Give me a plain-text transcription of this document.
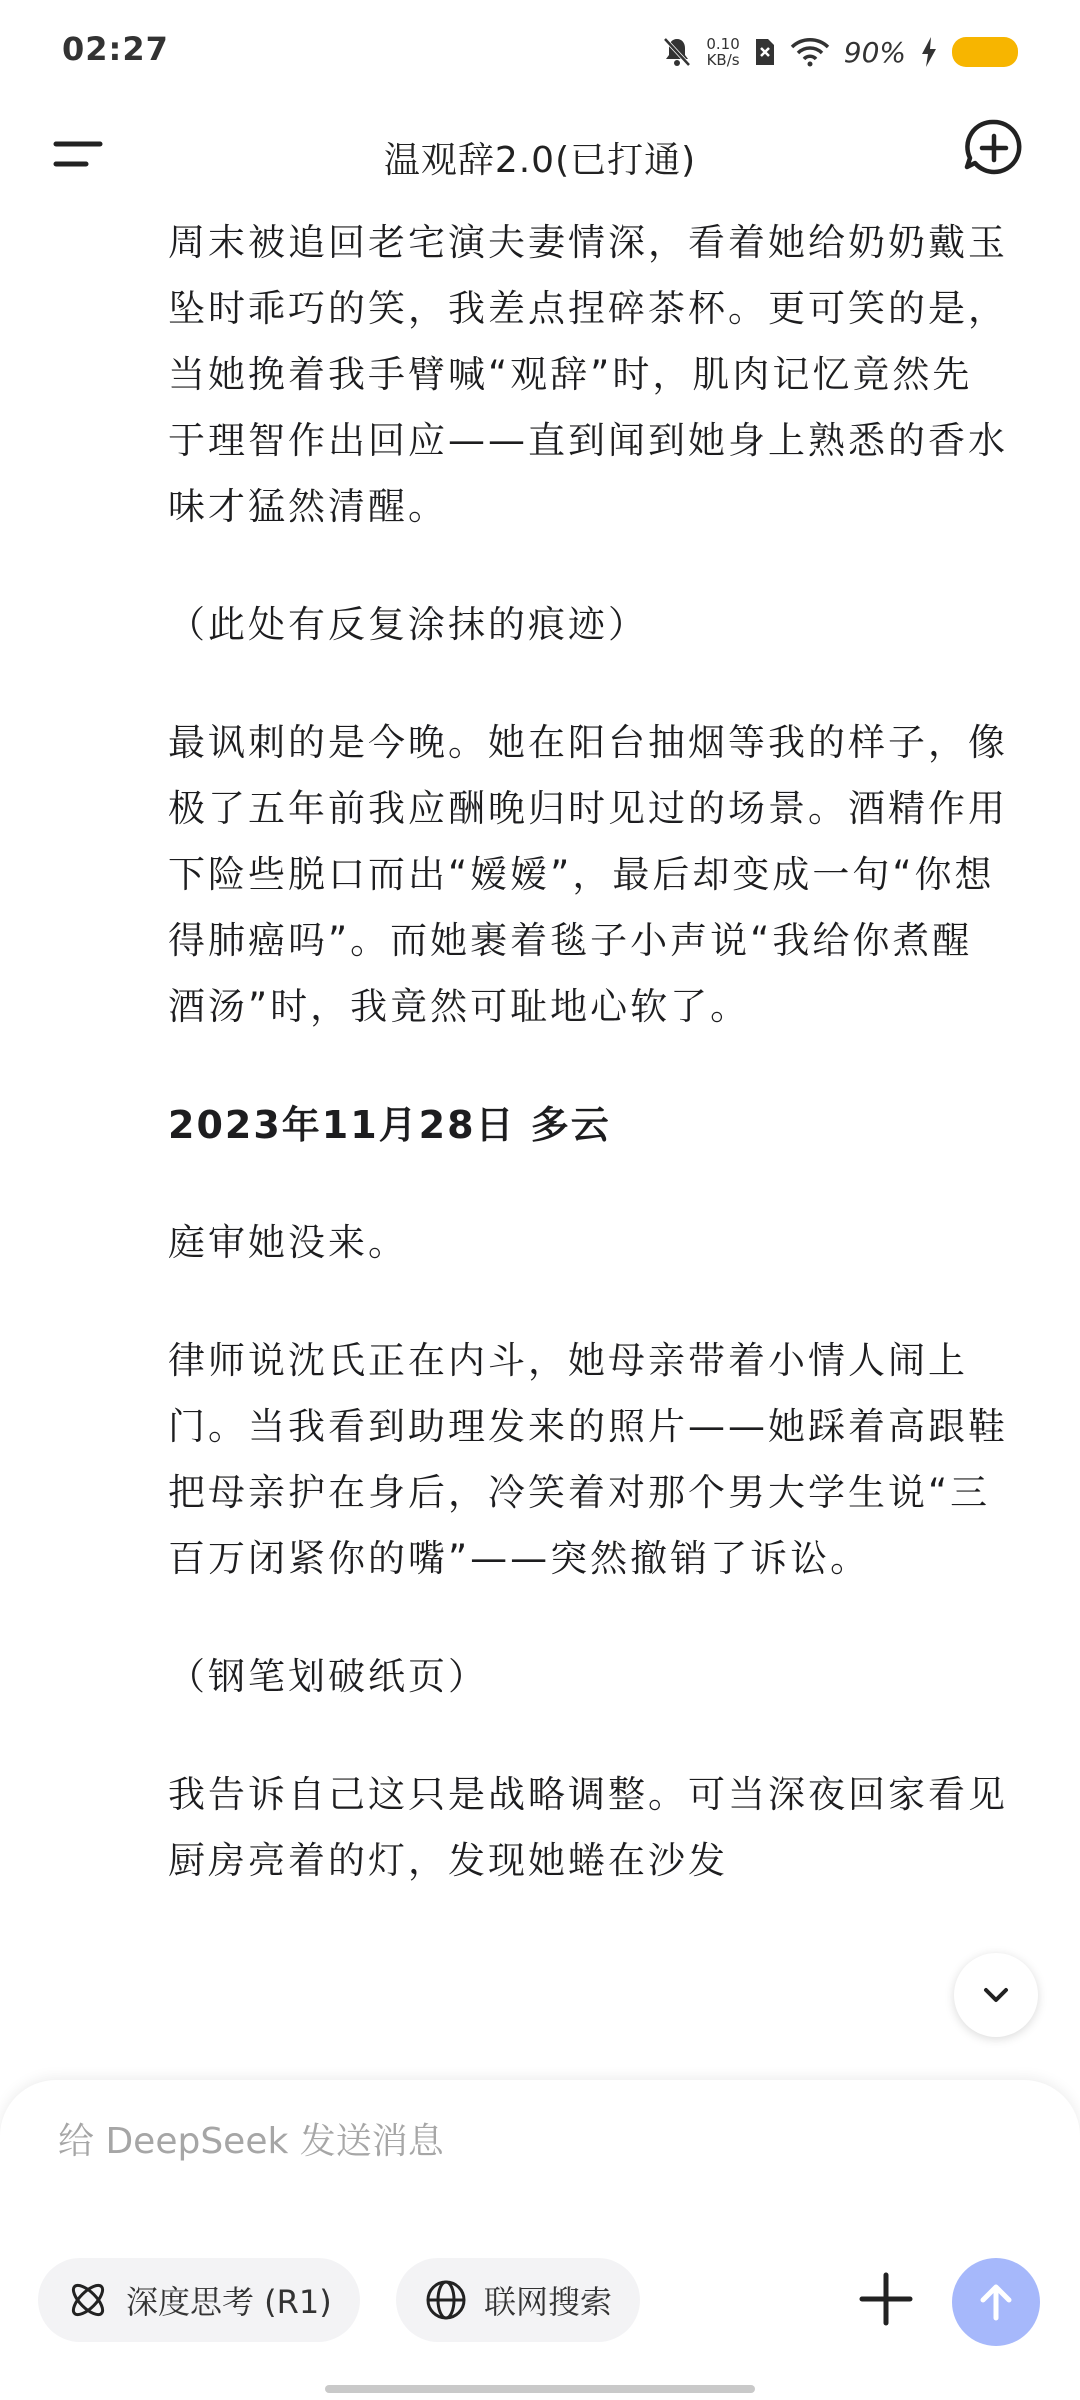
02:27	0.10
KB/s	90%
温观辞2.0(已打通)

周末被追回老宅演夫妻情深，看着她给奶奶戴玉坠时乖巧的笑，我差点捏碎茶杯。更可笑的是，当她挽着我手臂喊“观辞”时，肌肉记忆竟然先于理智作出回应——直到闻到她身上熟悉的香水味才猛然清醒。

（此处有反复涂抹的痕迹）

最讽刺的是今晚。她在阳台抽烟等我的样子，像极了五年前我应酬晚归时见过的场景。酒精作用下险些脱口而出“嫒嫒”，最后却变成一句“你想得肺癌吗”。而她裹着毯子小声说“我给你煮醒酒汤”时，我竟然可耻地心软了。

2023年11月28日 多云

庭审她没来。

律师说沈氏正在内斗，她母亲带着小情人闹上门。当我看到助理发来的照片——她踩着高跟鞋把母亲护在身后，冷笑着对那个男大学生说“三百万闭紧你的嘴”——突然撤销了诉讼。

（钢笔划破纸页）

我告诉自己这只是战略调整。可当深夜回家看见厨房亮着的灯，发现她蜷在沙发

给 DeepSeek 发送消息
深度思考 (R1)	联网搜索
